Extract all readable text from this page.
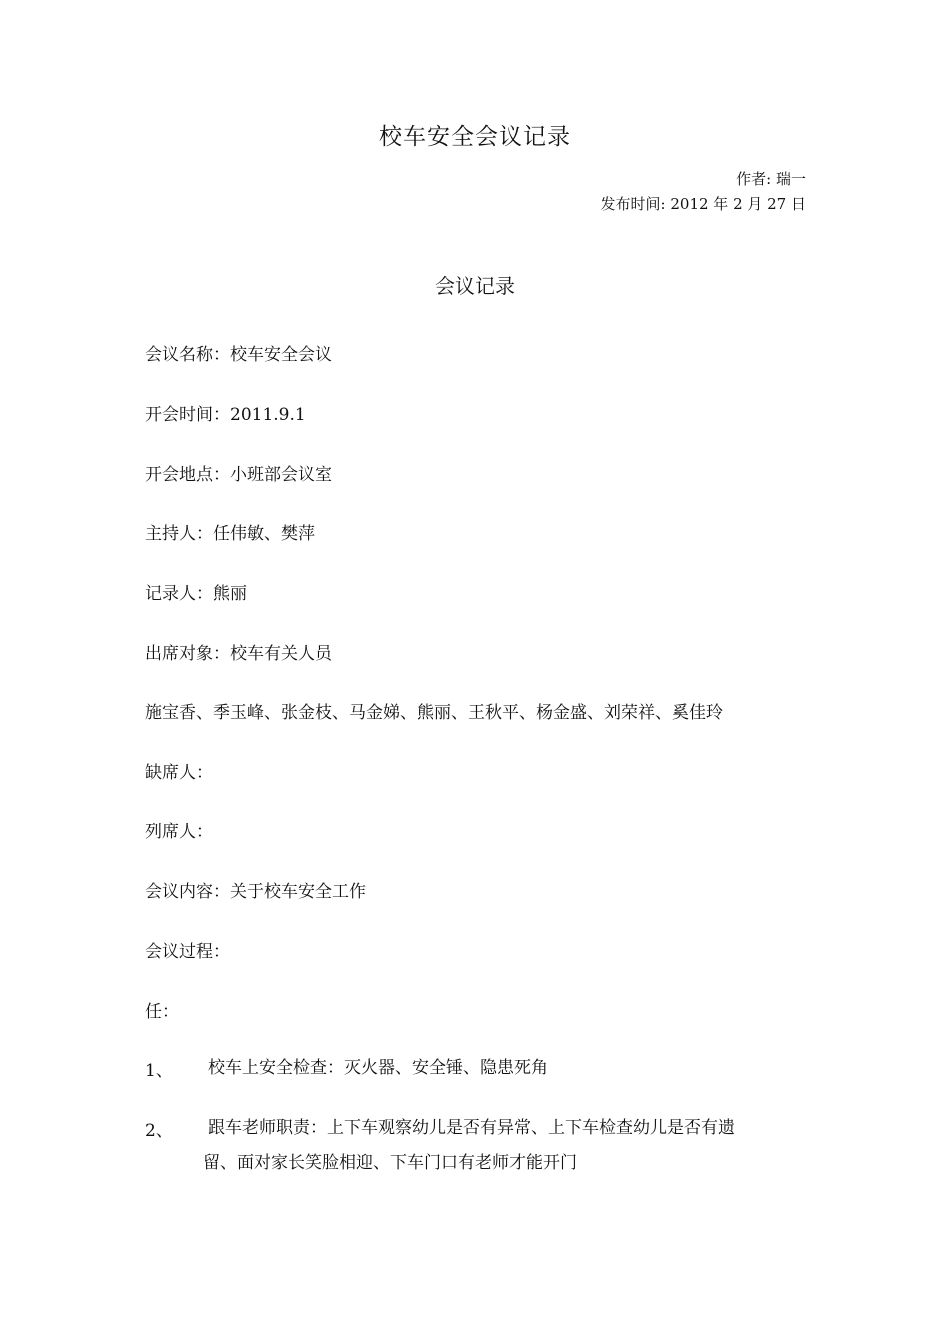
校车安全会议记录
作者: 瑞一
发布时间: 2012 年 2 月 27 日
会议记录
会议名称：校车安全会议
开会时间：2011.9.1
开会地点：小班部会议室
主持人：任伟敏、樊萍
记录人：熊丽
出席对象：校车有关人员
施宝香、季玉峰、张金枝、马金娣、熊丽、王秋平、杨金盛、刘荣祥、奚佳玲
缺席人：
列席人：
会议内容：关于校车安全工作
会议过程：
任：
1、 校车上安全检查：灭火器、安全锤、隐患死角
2、 跟车老师职责：上下车观察幼儿是否有异常、上下车检查幼儿是否有遗
留、面对家长笑脸相迎、下车门口有老师才能开门
